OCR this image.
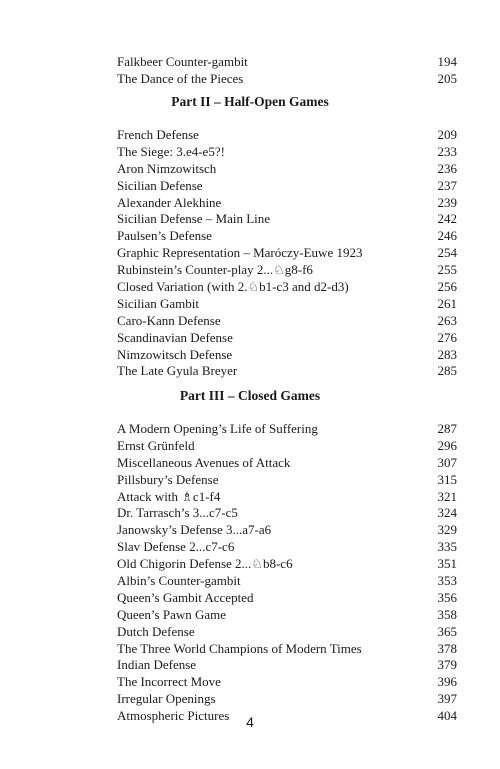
Falkbeer Counter-gambit	194
The Dance of the Pieces	205
Part II – Half-Open Games
French Defense	209
The Siege: 3.e4-e5?!	233
Aron Nimzowitsch	236
Sicilian Defense	237
Alexander Alekhine	239
Sicilian Defense – Main Line	242
Paulsen’s Defense	246
Graphic Representation – Maróczy-Euwe 1923	254
Rubinstein’s Counter-play 2...♘g8-f6	255
Closed Variation (with 2.♘b1-c3 and d2-d3)	256
Sicilian Gambit	261
Caro-Kann Defense	263
Scandinavian Defense	276
Nimzowitsch Defense	283
The Late Gyula Breyer	285
Part III – Closed Games
A Modern Opening’s Life of Suffering	287
Ernst Grünfeld	296
Miscellaneous Avenues of Attack	307
Pillsbury’s Defense	315
Attack with ♗c1-f4	321
Dr. Tarrasch’s 3...c7-c5	324
Janowsky’s Defense 3...a7-a6	329
Slav Defense 2...c7-c6	335
Old Chigorin Defense 2...♘b8-c6	351
Albin’s Counter-gambit	353
Queen’s Gambit Accepted	356
Queen’s Pawn Game	358
Dutch Defense	365
The Three World Champions of Modern Times	378
Indian Defense	379
The Incorrect Move	396
Irregular Openings	397
Atmospheric Pictures	404
4
